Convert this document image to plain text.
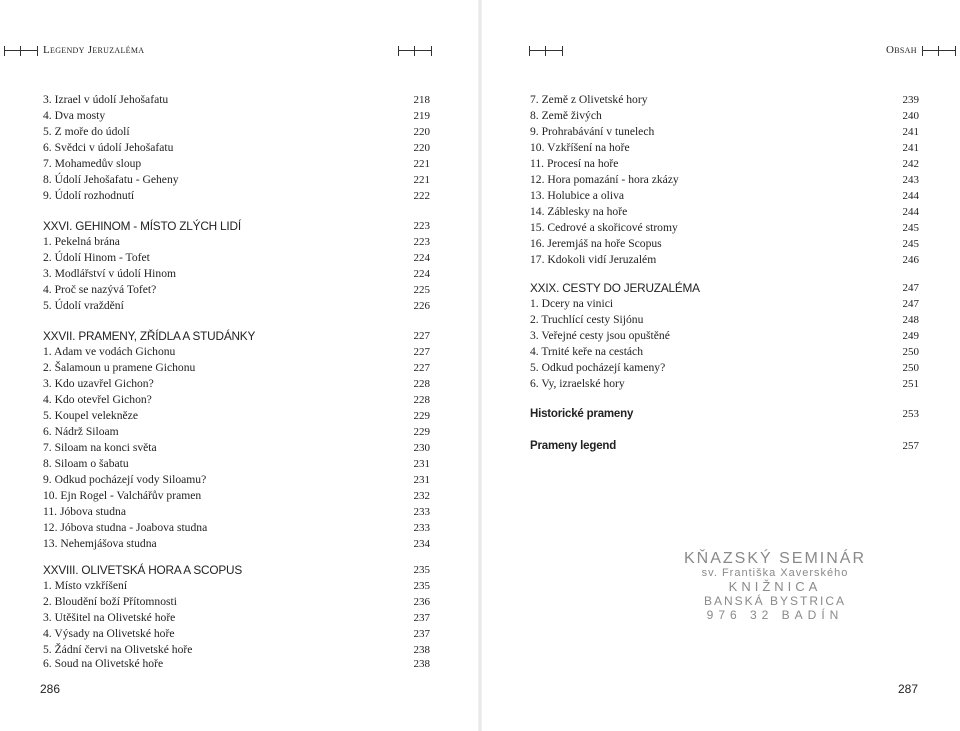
Legendy Jeruzaléma
3. Izrael v údolí Jehošafatu	218
4. Dva mosty	219
5. Z moře do údolí	220
6. Svědci v údolí Jehošafatu	220
7. Mohamedův sloup	221
8. Údolí Jehošafatu - Geheny	221
9. Údolí rozhodnutí	222
XXVI. GEHINOM - MÍSTO ZLÝCH LIDÍ	223
1. Pekelná brána	223
2. Údolí Hinom - Tofet	224
3. Modlářství v údolí Hinom	224
4. Proč se nazývá Tofet?	225
5. Údolí vraždění	226
XXVII. PRAMENY, ZŘÍDLA A STUDÁNKY	227
1. Adam ve vodách Gichonu	227
2. Šalamoun u pramene Gichonu	227
3. Kdo uzavřel Gichon?	228
4. Kdo otevřel Gichon?	228
5. Koupel velekněze	229
6. Nádrž Siloam	229
7. Siloam na konci světa	230
8. Siloam o šabatu	231
9. Odkud pocházejí vody Siloamu?	231
10. Ejn Rogel - Valchářův pramen	232
11. Jóbova studna	233
12. Jóbova studna - Joabova studna	233
13. Nehemjášova studna	234
XXVIII. OLIVETSKÁ HORA A SCOPUS	235
1. Místo vzkříšení	235
2. Bloudění boží Přítomnosti	236
3. Utěšitel na Olivetské hoře	237
4. Výsady na Olivetské hoře	237
5. Žádní červi na Olivetské hoře	238
6. Soud na Olivetské hoře	238
286
Obsah
7. Země z Olivetské hory	239
8. Země živých	240
9. Prohrabávání v tunelech	241
10. Vzkříšení na hoře	241
11. Procesí na hoře	242
12. Hora pomazání - hora zkázy	243
13. Holubice a oliva	244
14. Záblesky na hoře	244
15. Cedrové a skořicové stromy	245
16. Jeremjáš na hoře Scopus	245
17. Kdokoli vidí Jeruzalém	246
XXIX. CESTY DO JERUZALÉMA	247
1. Dcery na vinici	247
2. Truchlící cesty Sijónu	248
3. Veřejné cesty jsou opuštěné	249
4. Trnité keře na cestách	250
5. Odkud pocházejí kameny?	250
6. Vy, izraelské hory	251
Historické prameny	253
Prameny legend	257
287
KŇAZSKÝ SEMINÁR
sv. Františka Xaverského
KNIŽNICA
BANSKÁ BYSTRICA
976 32 BADÍN
